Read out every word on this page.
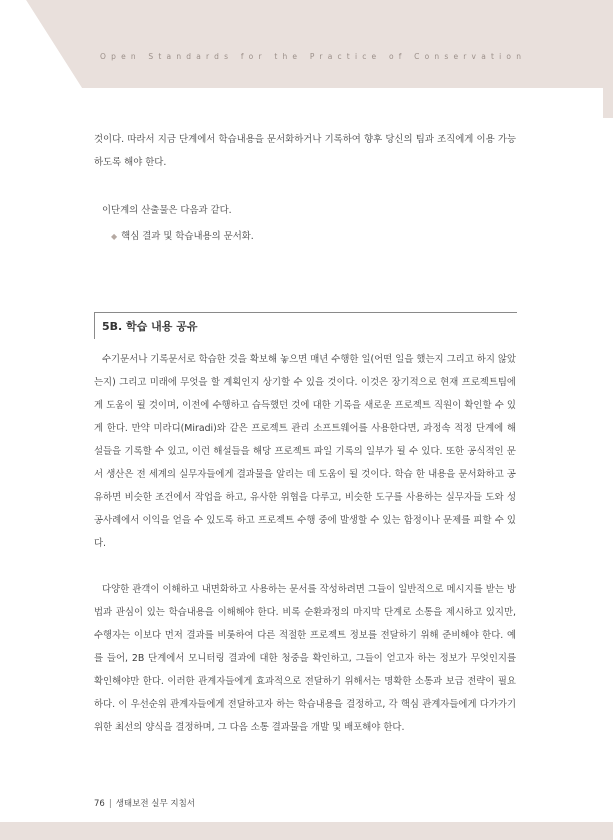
Open Standards for the Practice of Conservation

것이다. 따라서 지금 단계에서 학습내용을 문서화하거나 기록하여 향후 당신의 팀과 조직에게 이용 가능하도록 해야 한다.

이단계의 산출물은 다음과 같다.

◆ 핵심 결과 및 학습내용의 문서화.
5B. 학습 내용 공유

수기문서나 기록문서로 학습한 것을 확보해 놓으면 매년 수행한 일(어떤 일을 했는지 그리고 하지 않았는지) 그리고 미래에 무엇을 할 계획인지 상기할 수 있을 것이다. 이것은 장기적으로 현재 프로젝트팀에게 도움이 될 것이며, 이전에 수행하고 습득했던 것에 대한 기록을 새로운 프로젝트 직원이 확인할 수 있게 한다. 만약 미라디(Miradi)와 같은 프로젝트 관리 소프트웨어를 사용한다면, 과정속 적정 단계에 해설들을 기록할 수 있고, 이런 해설들을 해당 프로젝트 파일 기록의 일부가 될 수 있다. 또한 공식적인 문서 생산은 전 세계의 실무자들에게 결과물을 알리는 데 도움이 될 것이다. 학습 한 내용을 문서화하고 공유하면 비슷한 조건에서 작업을 하고, 유사한 위협을 다루고, 비슷한 도구를 사용하는 실무자들 도와 성공사례에서 이익을 얻을 수 있도록 하고 프로젝트 수행 중에 발생할 수 있는 함정이나 문제를 피할 수 있다.

다양한 관객이 이해하고 내면화하고 사용하는 문서를 작성하려면 그들이 일반적으로 메시지를 받는 방법과 관심이 있는 학습내용을 이해해야 한다. 비록 순환과정의 마지막 단계로 소통을 제시하고 있지만, 수행자는 이보다 먼저 결과를 비롯하여 다른 적절한 프로젝트 정보를 전달하기 위해 준비해야 한다. 예를 들어, 2B 단계에서 모니터링 결과에 대한 청중을 확인하고, 그들이 얻고자 하는 정보가 무엇인지를 확인해야만 한다. 이러한 관계자들에게 효과적으로 전달하기 위해서는 명확한 소통과 보급 전략이 필요하다. 이 우선순위 관계자들에게 전달하고자 하는 학습내용을 결정하고, 각 핵심 관계자들에게 다가가기 위한 최선의 양식을 결정하며, 그 다음 소통 결과물을 개발 및 배포해야 한다.

76 | 생태보전 실무 지침서
